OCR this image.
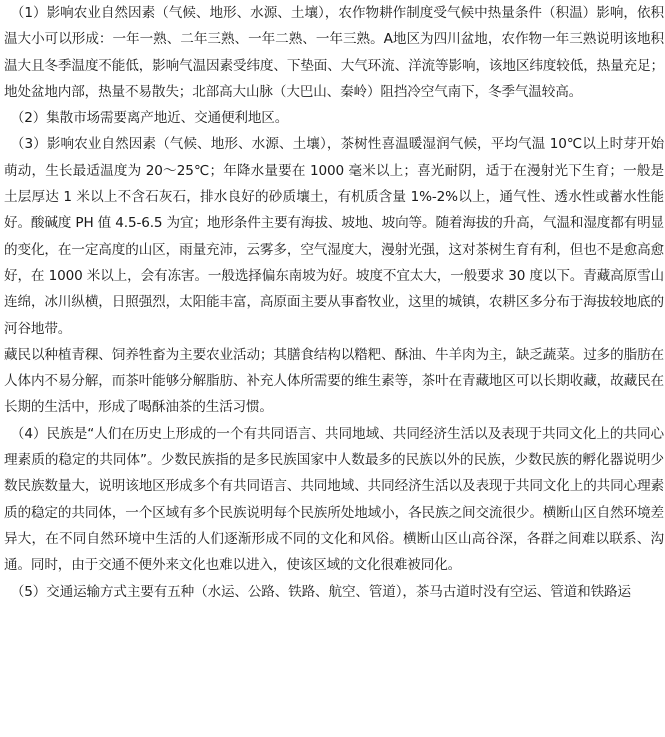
（1）影响农业自然因素（气候、地形、水源、土壤），农作物耕作制度受气候中热量条件（积温）影响，依积温大小可以形成：一年一熟、二年三熟、一年二熟、一年三熟。A地区为四川盆地，农作物一年三熟说明该地积温大且冬季温度不能低，影响气温因素受纬度、下垫面、大气环流、洋流等影响，该地区纬度较低，热量充足；地处盆地内部，热量不易散失；北部高大山脉（大巴山、秦岭）阻挡冷空气南下，冬季气温较高。

（2）集散市场需要离产地近、交通便利地区。

（3）影响农业自然因素（气候、地形、水源、土壤），茶树性喜温暖湿润气候，平均气温 10℃以上时芽开始萌动，生长最适温度为 20～25℃；年降水量要在 1000 毫米以上；喜光耐阴，适于在漫射光下生育；一般是土层厚达 1 米以上不含石灰石，排水良好的砂质壤土，有机质含量 1%-2%以上，通气性、透水性或蓄水性能好。酸碱度 PH 值 4.5-6.5 为宜；地形条件主要有海拔、坡地、坡向等。随着海拔的升高，气温和湿度都有明显的变化，在一定高度的山区，雨量充沛，云雾多，空气湿度大，漫射光强，这对茶树生育有利，但也不是愈高愈好，在 1000 米以上，会有冻害。一般选择偏东南坡为好。坡度不宜太大，一般要求 30 度以下。青藏高原雪山连绵，冰川纵横，日照强烈，太阳能丰富，高原面主要从事畜牧业，这里的城镇，农耕区多分布于海拔较地底的河谷地带。

藏民以种植青稞、饲养牲畜为主要农业活动；其膳食结构以糌粑、酥油、牛羊肉为主，缺乏蔬菜。过多的脂肪在人体内不易分解，而茶叶能够分解脂肪、补充人体所需要的维生素等，茶叶在青藏地区可以长期收藏，故藏民在长期的生活中，形成了喝酥油茶的生活习惯。

（4）民族是“人们在历史上形成的一个有共同语言、共同地域、共同经济生活以及表现于共同文化上的共同心理素质的稳定的共同体”。少数民族指的是多民族国家中人数最多的民族以外的民族，少数民族的孵化器说明少数民族数量大，说明该地区形成多个有共同语言、共同地域、共同经济生活以及表现于共同文化上的共同心理素质的稳定的共同体，一个区域有多个民族说明每个民族所处地域小，各民族之间交流很少。横断山区自然环境差异大，在不同自然环境中生活的人们逐渐形成不同的文化和风俗。横断山区山高谷深，各群之间难以联系、沟通。同时，由于交通不便外来文化也难以进入，使该区域的文化很难被同化。

（5）交通运输方式主要有五种（水运、公路、铁路、航空、管道），茶马古道时没有空运、管道和铁路运
